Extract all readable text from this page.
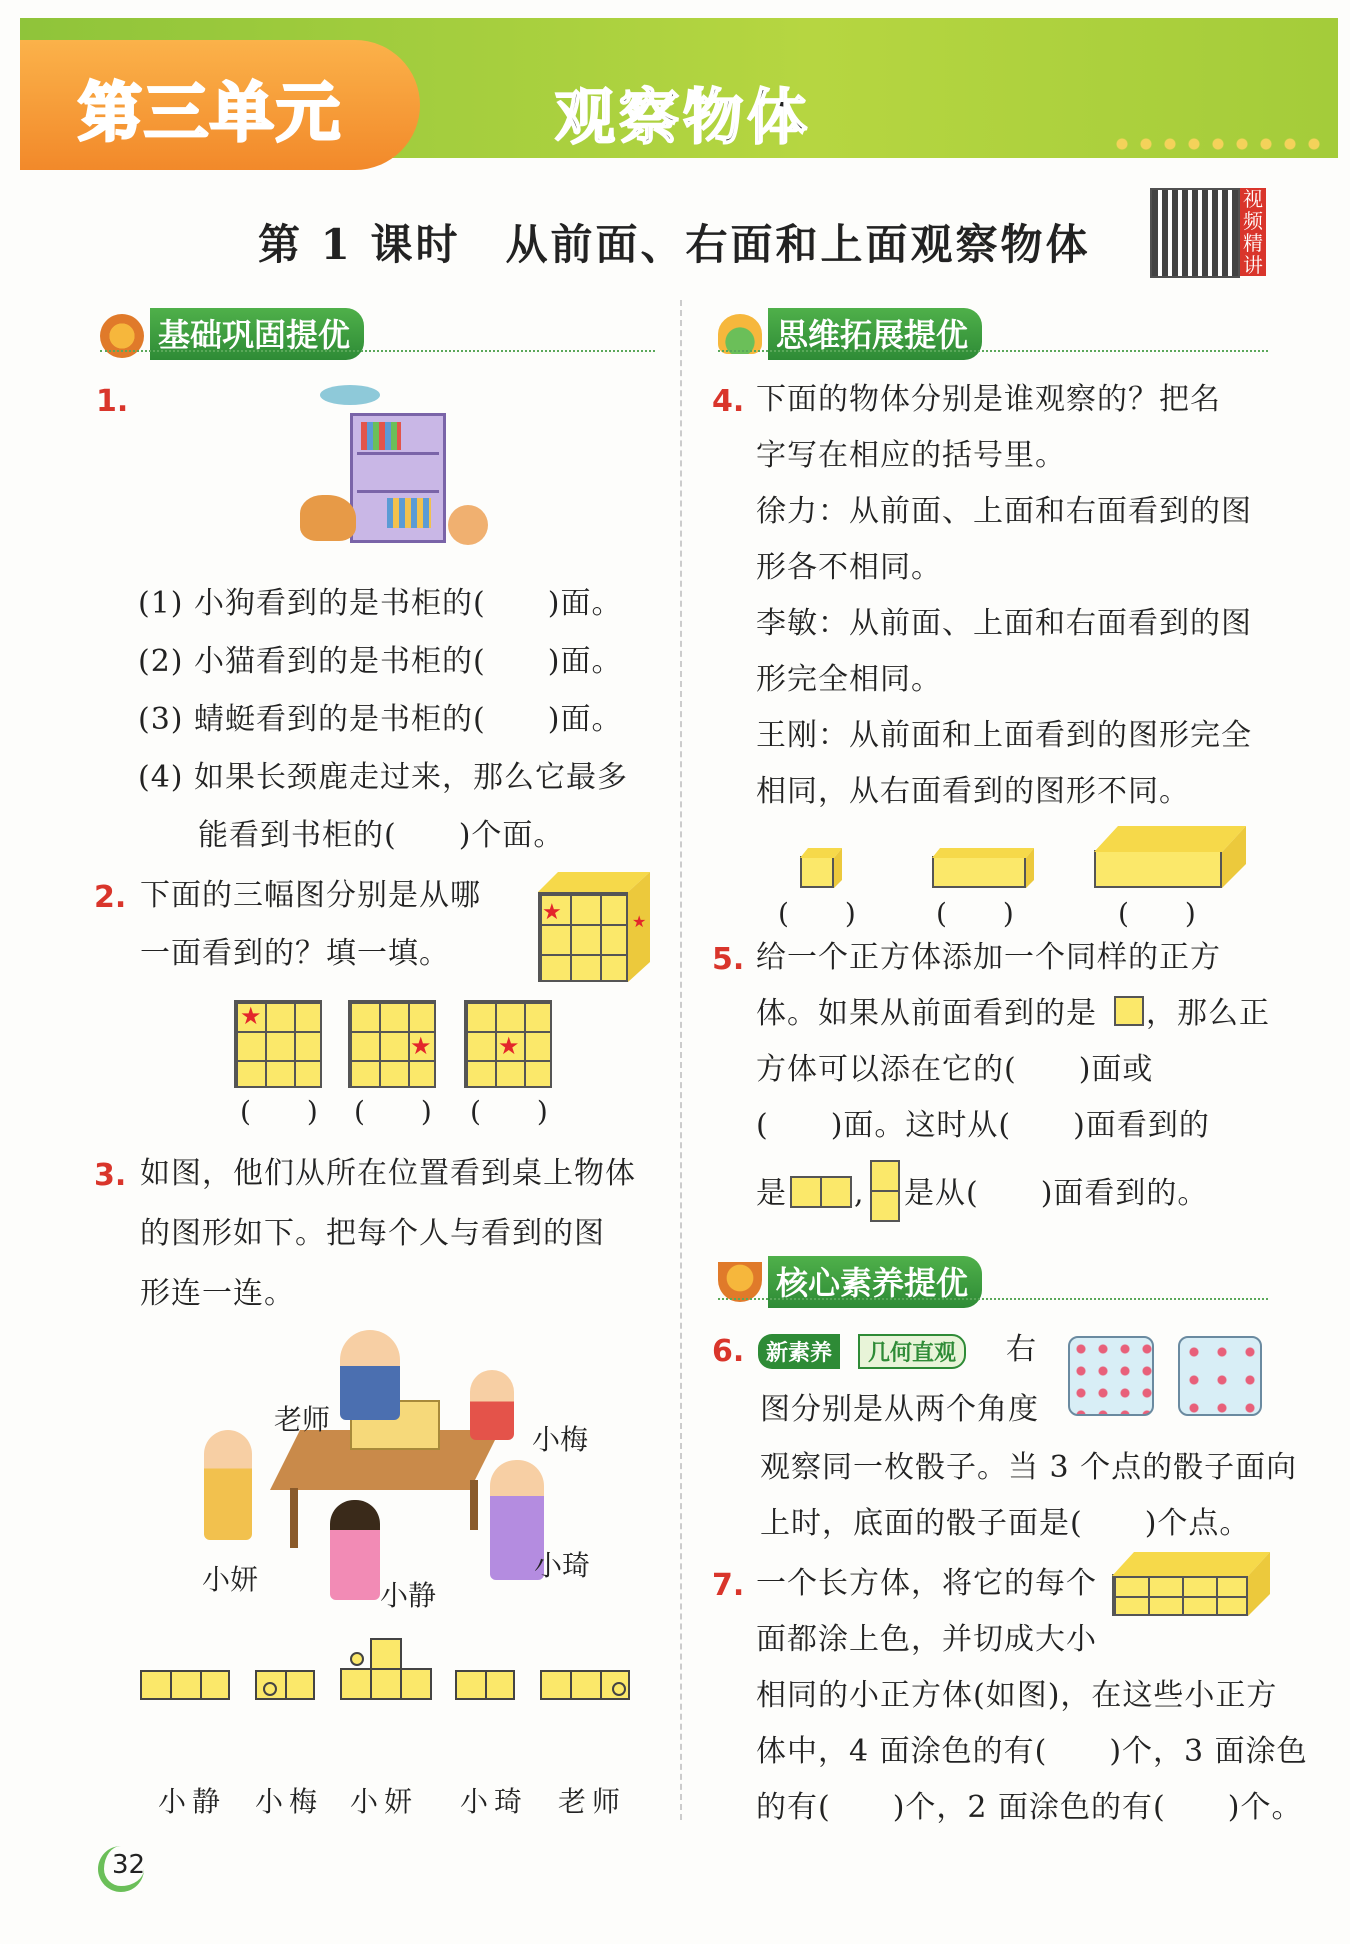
第三单元	观察物体
第 1 课时　从前面、右面和上面观察物体
视频精讲
基础巩固提优
1.
(1) 小狗看到的是书柜的(　　)面。
(2) 小猫看到的是书柜的(　　)面。
(3) 蜻蜓看到的是书柜的(　　)面。
(4) 如果长颈鹿走过来，那么它最多
能看到书柜的(　　)个面。
2. 下面的三幅图分别是从哪
一面看到的？填一填。
★	★
★
★	★
(　　) (　　) (　　)
3. 如图，他们从所在位置看到桌上物体
的图形如下。把每个人与看到的图
形连一连。
老师
小梅
小妍	小静
小琦
小静 小梅 小妍 小琦 老师
思维拓展提优
4. 下面的物体分别是谁观察的？把名
字写在相应的括号里。
徐力：从前面、上面和右面看到的图
形各不相同。
李敏：从前面、上面和右面看到的图
形完全相同。
王刚：从前面和上面看到的图形完全
相同，从右面看到的图形不同。
(　　)	(　　)	(　　)
5. 给一个正方体添加一个同样的正方
体。如果从前面看到的是 ，那么正
方体可以添在它的(　　)面或
(　　)面。这时从(　　)面看到的
是 , 是从(　　)面看到的。
核心素养提优
6. 新素养	几何直观	右
图分别是从两个角度
观察同一枚骰子。当 3 个点的骰子面向
上时，底面的骰子面是(　　)个点。
7. 一个长方体，将它的每个
面都涂上色，并切成大小
相同的小正方体(如图)，在这些小正方
体中，4 面涂色的有(　　)个，3 面涂色
的有(　　)个，2 面涂色的有(　　)个。
32
